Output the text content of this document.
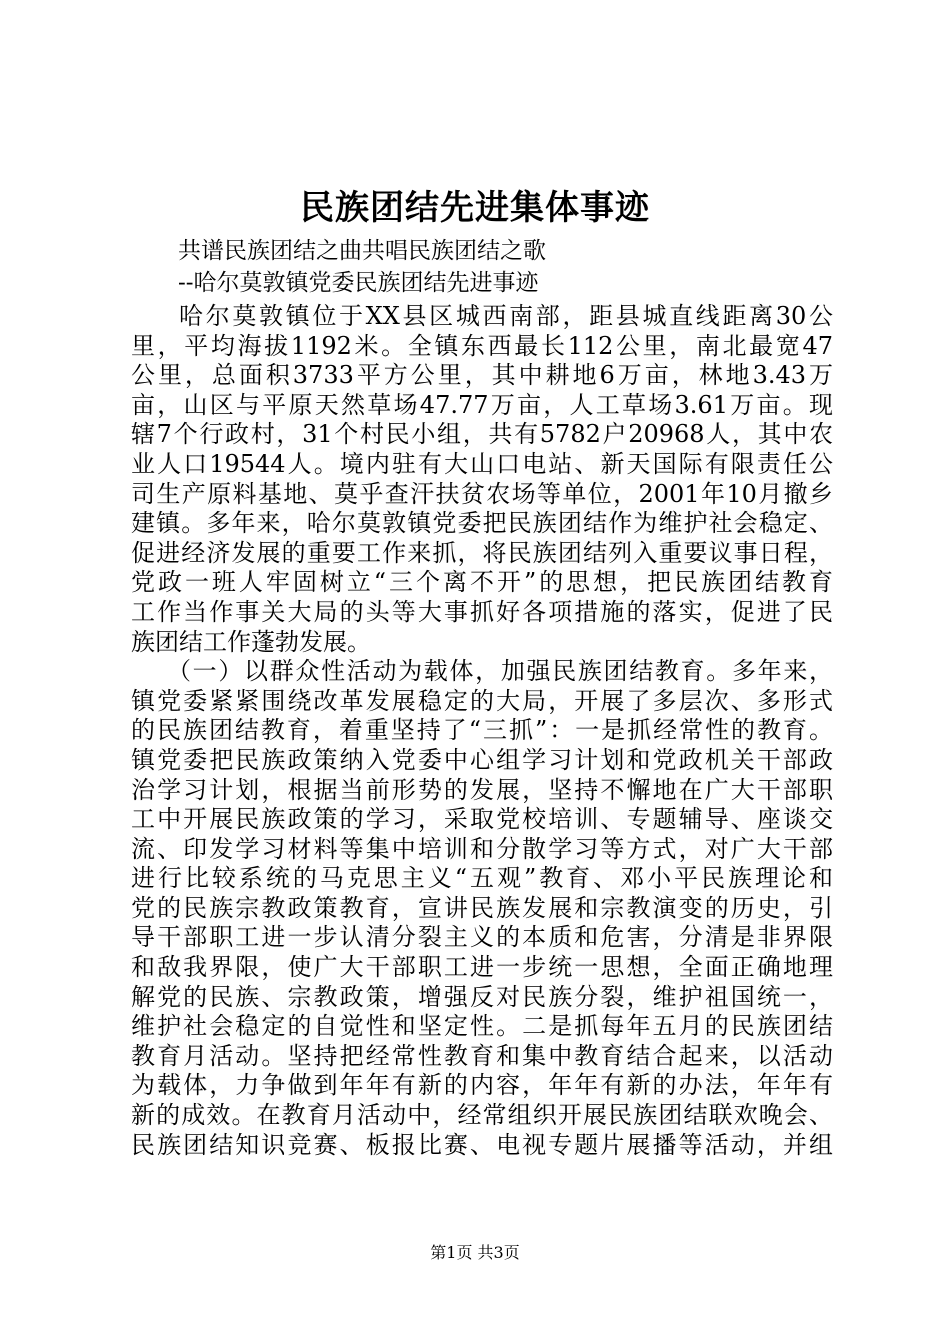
民族团结先进集体事迹
共谱民族团结之曲共唱民族团结之歌
--哈尔莫敦镇党委民族团结先进事迹
哈尔莫敦镇位于XX县区城西南部，距县城直线距离30公
里，平均海拔1192米。全镇东西最长112公里，南北最宽47
公里，总面积3733平方公里，其中耕地6万亩，林地3.43万
亩，山区与平原天然草场47.77万亩，人工草场3.61万亩。现
辖7个行政村，31个村民小组，共有5782户20968人，其中农
业人口19544人。境内驻有大山口电站、新天国际有限责任公
司生产原料基地、莫乎查汗扶贫农场等单位，2001年10月撤乡
建镇。多年来，哈尔莫敦镇党委把民族团结作为维护社会稳定、
促进经济发展的重要工作来抓，将民族团结列入重要议事日程，
党政一班人牢固树立“三个离不开”的思想，把民族团结教育
工作当作事关大局的头等大事抓好各项措施的落实，促进了民
族团结工作蓬勃发展。
（一）以群众性活动为载体，加强民族团结教育。多年来，
镇党委紧紧围绕改革发展稳定的大局，开展了多层次、多形式
的民族团结教育，着重坚持了“三抓”：一是抓经常性的教育。
镇党委把民族政策纳入党委中心组学习计划和党政机关干部政
治学习计划，根据当前形势的发展，坚持不懈地在广大干部职
工中开展民族政策的学习，采取党校培训、专题辅导、座谈交
流、印发学习材料等集中培训和分散学习等方式，对广大干部
进行比较系统的马克思主义“五观”教育、邓小平民族理论和
党的民族宗教政策教育，宣讲民族发展和宗教演变的历史，引
导干部职工进一步认清分裂主义的本质和危害，分清是非界限
和敌我界限，使广大干部职工进一步统一思想，全面正确地理
解党的民族、宗教政策，增强反对民族分裂，维护祖国统一，
维护社会稳定的自觉性和坚定性。二是抓每年五月的民族团结
教育月活动。坚持把经常性教育和集中教育结合起来，以活动
为载体，力争做到年年有新的内容，年年有新的办法，年年有
新的成效。在教育月活动中，经常组织开展民族团结联欢晚会、
民族团结知识竞赛、板报比赛、电视专题片展播等活动，并组
第1页 共3页
